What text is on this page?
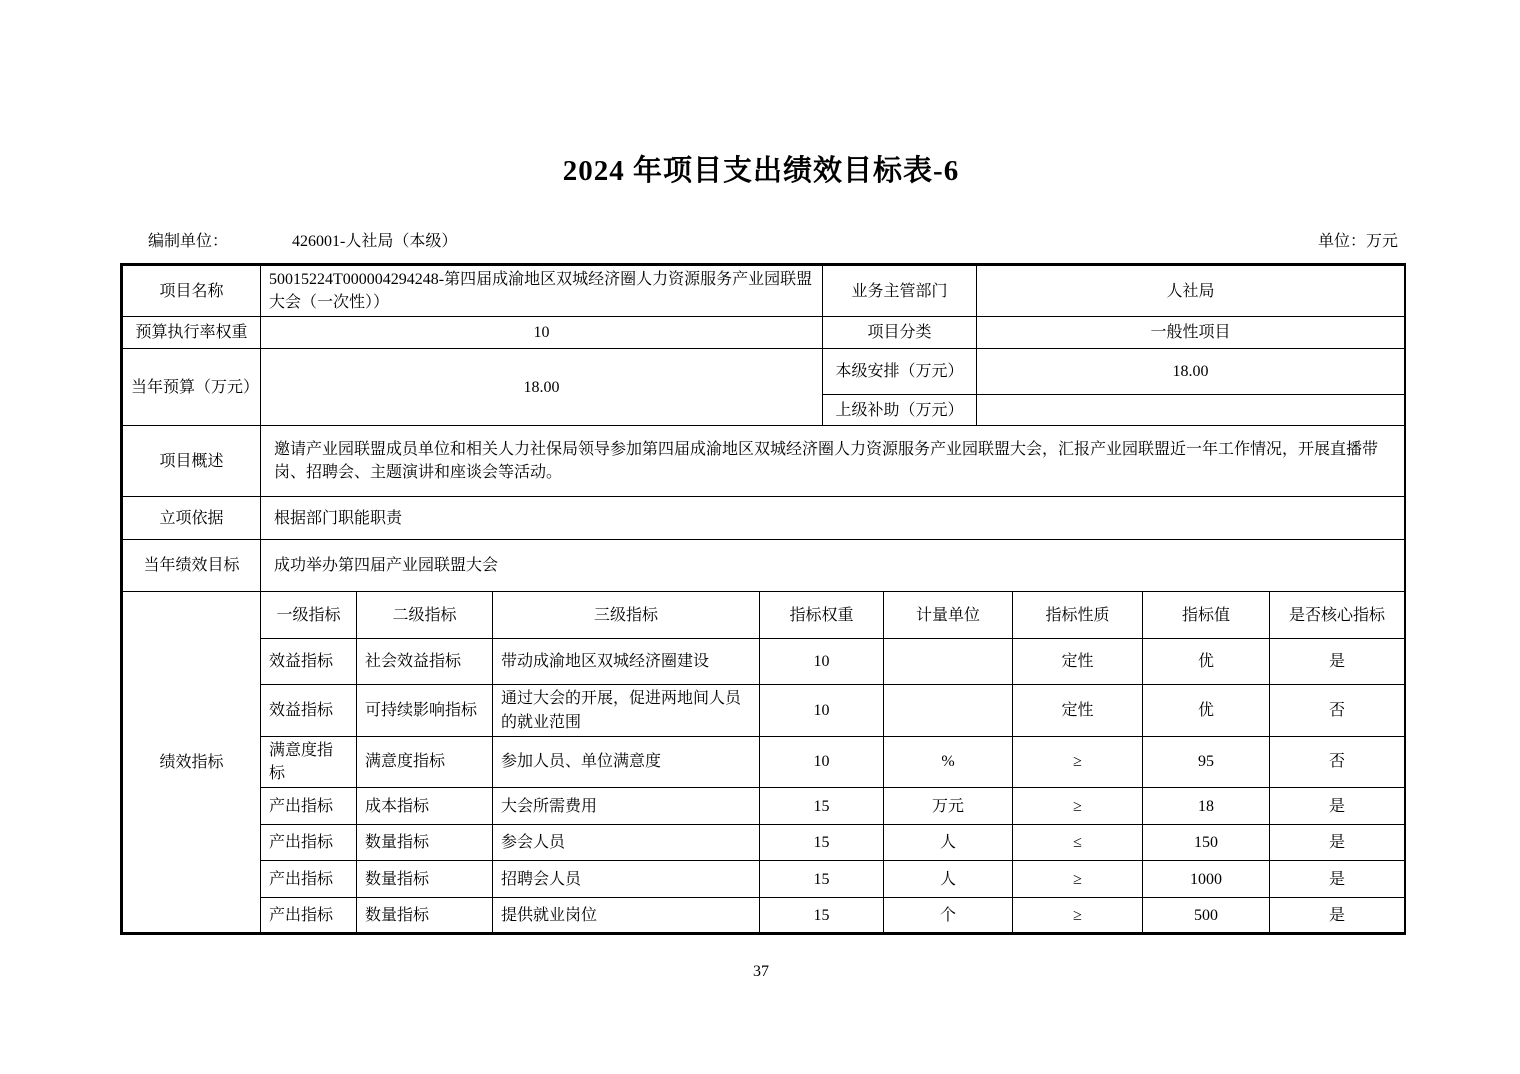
2024 年项目支出绩效目标表-6
编制单位：	426001-人社局（本级）	单位：万元
项目名称	50015224T000004294248-第四届成渝地区双城经济圈人力资源服务产业园联盟大会（一次性））	业务主管部门	人社局
预算执行率权重	10	项目分类	一般性项目
当年预算（万元）	18.00	本级安排（万元）	18.00
		上级补助（万元）	
项目概述	邀请产业园联盟成员单位和相关人力社保局领导参加第四届成渝地区双城经济圈人力资源服务产业园联盟大会，汇报产业园联盟近一年工作情况，开展直播带岗、招聘会、主题演讲和座谈会等活动。		
立项依据	根据部门职能职责		
当年绩效目标	成功举办第四届产业园联盟大会		
绩效指标	一级指标	二级指标	三级指标	指标权重	计量单位	指标性质	指标值	是否核心指标
	效益指标	社会效益指标	带动成渝地区双城经济圈建设	10		定性	优	是
	效益指标	可持续影响指标	通过大会的开展，促进两地间人员的就业范围	10		定性	优	否
	满意度指标	满意度指标	参加人员、单位满意度	10	%	≥	95	否
	产出指标	成本指标	大会所需费用	15	万元	≥	18	是
	产出指标	数量指标	参会人员	15	人	≤	150	是
	产出指标	数量指标	招聘会人员	15	人	≥	1000	是
	产出指标	数量指标	提供就业岗位	15	个	≥	500	是
37
